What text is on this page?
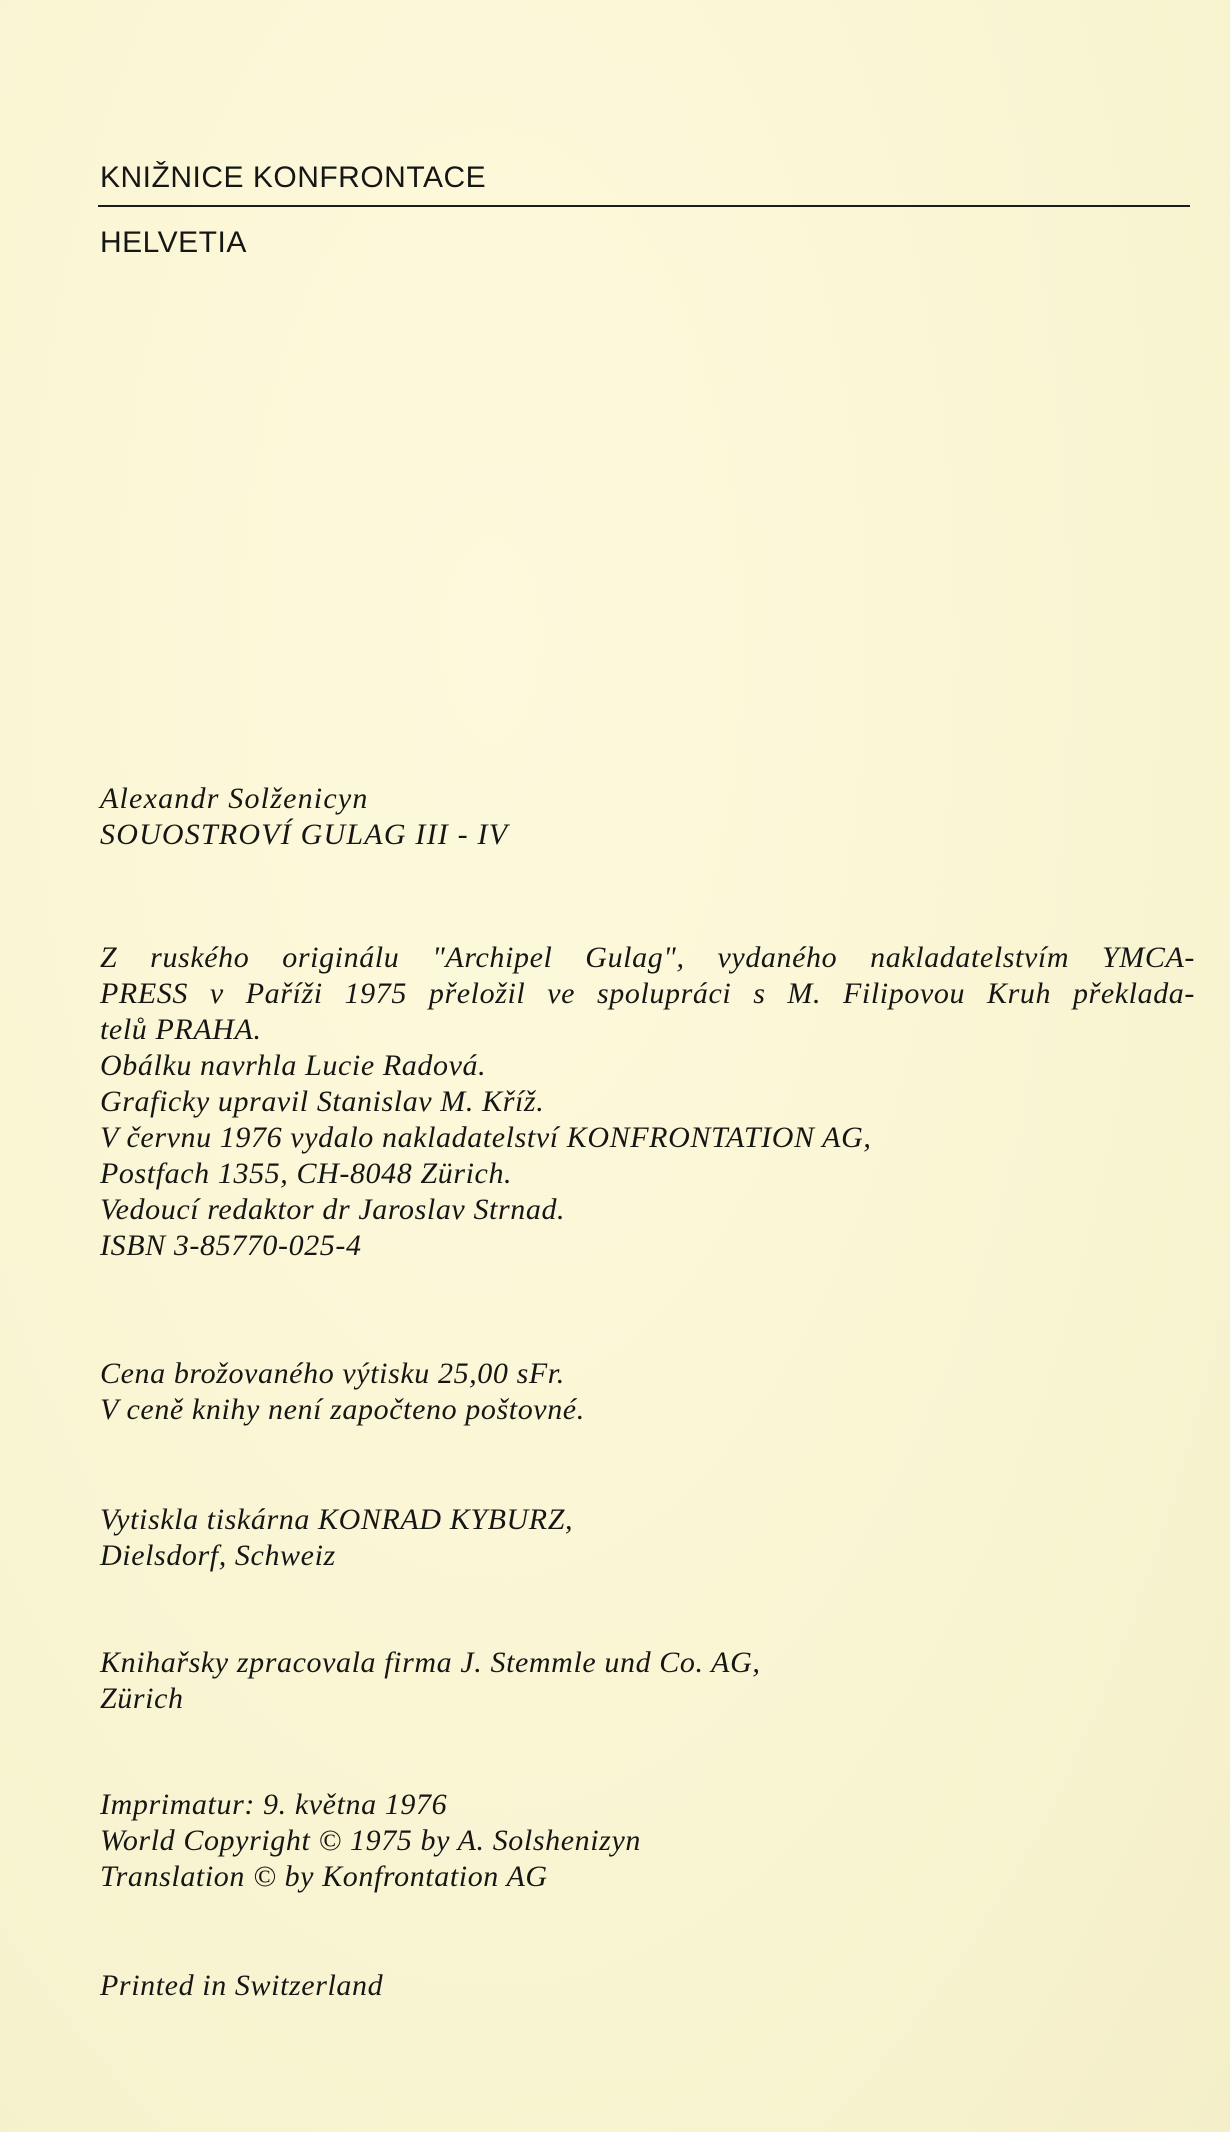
KNIŽNICE KONFRONTACE
HELVETIA
Alexandr Solženicyn
SOUOSTROVÍ GULAG III - IV
Z ruského originálu "Archipel Gulag", vydaného nakladatelstvím YMCA-
PRESS v Paříži 1975 přeložil ve spolupráci s M. Filipovou Kruh překlada-
telů PRAHA.
Obálku navrhla Lucie Radová.
Graficky upravil Stanislav M. Kříž.
V červnu 1976 vydalo nakladatelství KONFRONTATION AG,
Postfach 1355, CH-8048 Zürich.
Vedoucí redaktor dr Jaroslav Strnad.
ISBN 3-85770-025-4
Cena brožovaného výtisku 25,00 sFr.
V ceně knihy není započteno poštovné.
Vytiskla tiskárna KONRAD KYBURZ,
Dielsdorf, Schweiz
Knihařsky zpracovala firma J. Stemmle und Co. AG,
Zürich
Imprimatur: 9. května 1976
World Copyright © 1975 by A. Solshenizyn
Translation © by Konfrontation AG
Printed in Switzerland
